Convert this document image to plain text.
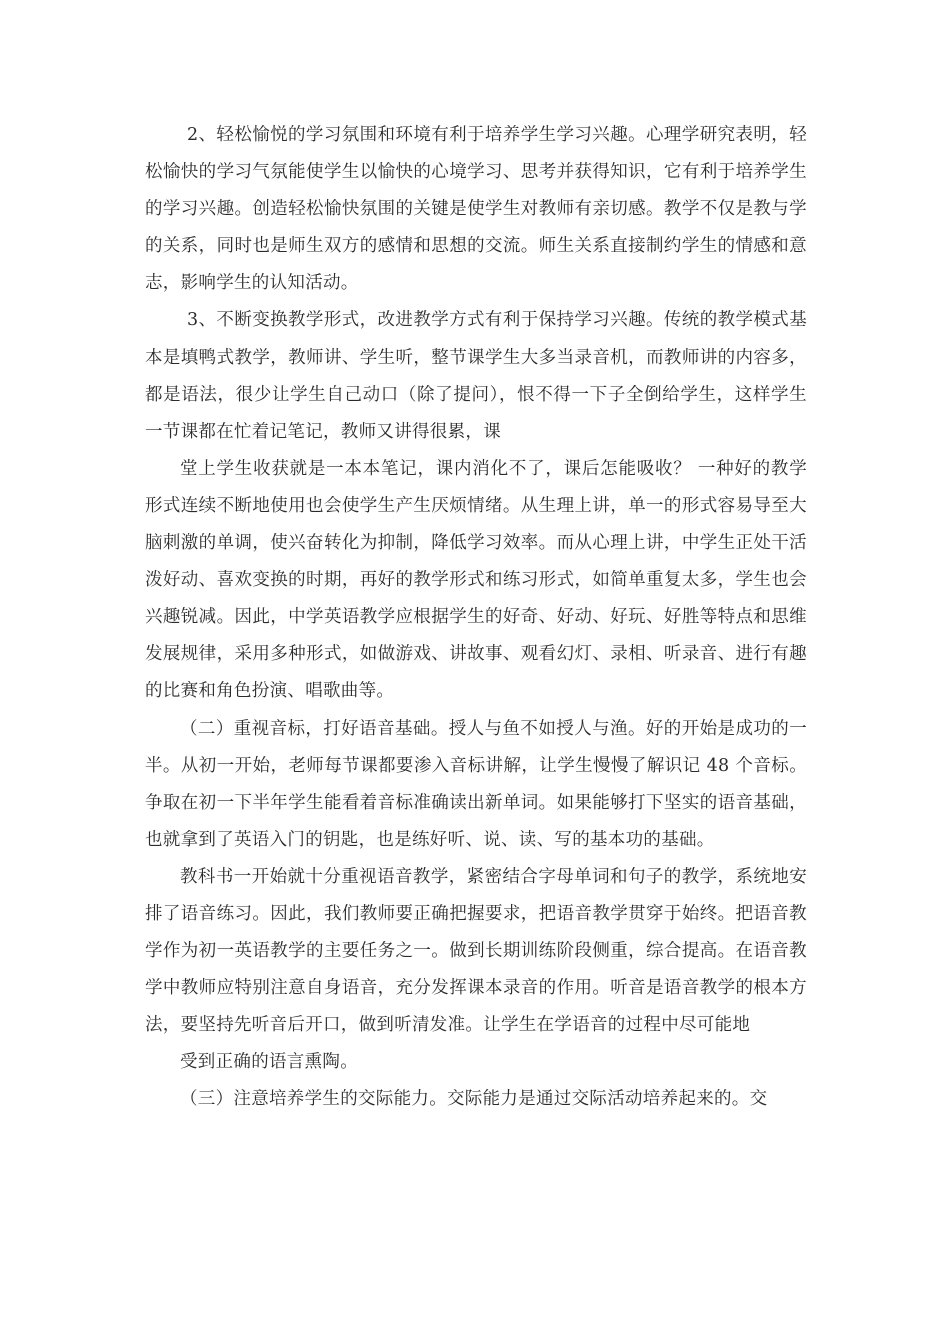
2、轻松愉悦的学习氛围和环境有利于培养学生学习兴趣。心理学研究表明，轻松愉快的学习气氛能使学生以愉快的心境学习、思考并获得知识，它有利于培养学生 的学习兴趣。创造轻松愉快氛围的关键是使学生对教师有亲切感。教学不仅是教与学的关系，同时也是师生双方的感情和思想的交流。师生关系直接制约学生的情感和意志，影响学生的认知活动。

3、不断变换教学形式，改进教学方式有利于保持学习兴趣。传统的教学模式基本是填鸭式教学，教师讲、学生听，整节课学生大多当录音机，而教师讲的内容多，都是语法，很少让学生自己动口（除了提问），恨不得一下子全倒给学生，这样学生一节课都在忙着记笔记，教师又讲得很累，课

堂上学生收获就是一本本笔记，课内消化不了，课后怎能吸收？ 一种好的教学形式连续不断地使用也会使学生产生厌烦情绪。从生理上讲，单一的形式容易导至大脑刺激的单调，使兴奋转化为抑制，降低学习效率。而从心理上讲，中学生正处干活泼好动、喜欢变换的时期，再好的教学形式和练习形式，如简单重复太多，学生也会兴趣锐减。因此，中学英语教学应根据学生的好奇、好动、好玩、好胜等特点和思维发展规律，采用多种形式，如做游戏、讲故事、观看幻灯、录相、听录音、进行有趣的比赛和角色扮演、唱歌曲等。

（二）重视音标，打好语音基础。授人与鱼不如授人与渔。好的开始是成功的一半。从初一开始，老师每节课都要渗入音标讲解，让学生慢慢了解识记 48 个音标。争取在初一下半年学生能看着音标准确读出新单词。如果能够打下坚实的语音基础，也就拿到了英语入门的钥匙，也是练好听、说、读、写的基本功的基础。

教科书一开始就十分重视语音教学，紧密结合字母单词和句子的教学，系统地安排了语音练习。因此，我们教师要正确把握要求，把语音教学贯穿于始终。把语音教学作为初一英语教学的主要任务之一。做到长期训练阶段侧重，综合提高。在语音教学中教师应特别注意自身语音，充分发挥课本录音的作用。听音是语音教学的根本方法，要坚持先听音后开口，做到听清发准。让学生在学语音的过程中尽可能地

受到正确的语言熏陶。

（三）注意培养学生的交际能力。交际能力是通过交际活动培养起来的。交
